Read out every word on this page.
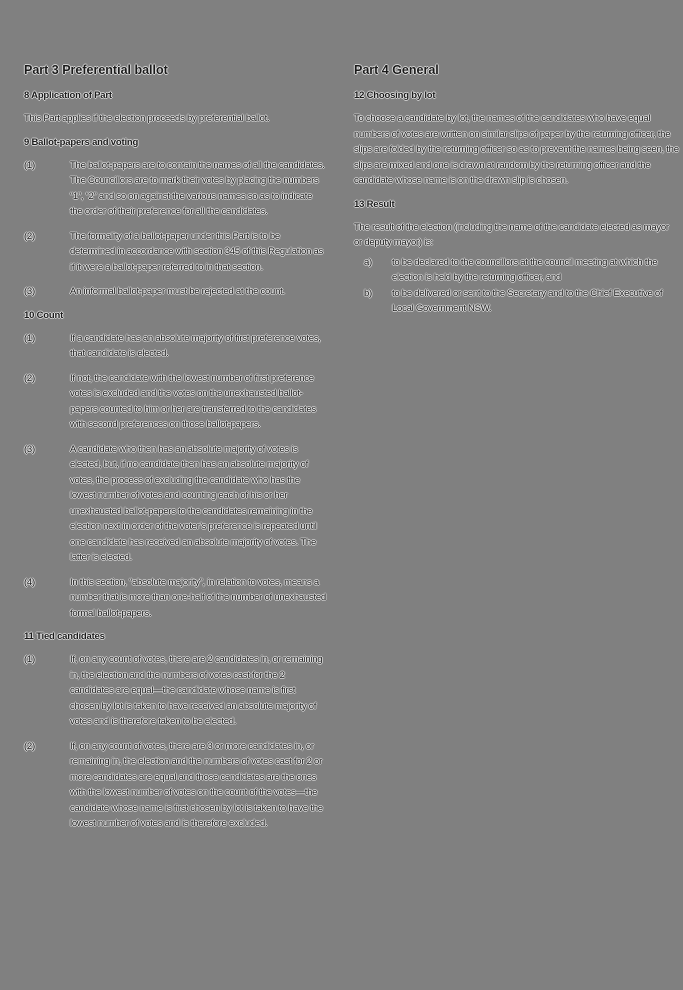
Part 3 Preferential ballot
8 Application of Part
This Part applies if the election proceeds by preferential ballot.
9 Ballot-papers and voting
(1)	The ballot-papers are to contain the names of all the candidates. The Councillors are to mark their votes by placing the numbers “1”, “2” and so on against the various names so as to indicate the order of their preference for all the candidates.
(2)	The formality of a ballot-paper under this Part is to be determined in accordance with section 345 of this Regulation as if it were a ballot-paper referred to in that section.
(3)	An informal ballot-paper must be rejected at the count.
10 Count
(1)	If a candidate has an absolute majority of first preference votes, that candidate is elected.
(2)	If not, the candidate with the lowest number of first preference votes is excluded and the votes on the unexhausted ballot-papers counted to him or her are transferred to the candidates with second preferences on those ballot-papers.
(3)	A candidate who then has an absolute majority of votes is elected, but, if no candidate then has an absolute majority of votes, the process of excluding the candidate who has the lowest number of votes and counting each of his or her unexhausted ballot-papers to the candidates remaining in the election next in order of the voter’s preference is repeated until one candidate has received an absolute majority of votes. The latter is elected.
(4)	In this section, “absolute majority”, in relation to votes, means a number that is more than one-half of the number of unexhausted formal ballot-papers.
11 Tied candidates
(1)	If, on any count of votes, there are 2 candidates in, or remaining in, the election and the numbers of votes cast for the 2 candidates are equal—the candidate whose name is first chosen by lot is taken to have received an absolute majority of votes and is therefore taken to be elected.
(2)	If, on any count of votes, there are 3 or more candidates in, or remaining in, the election and the numbers of votes cast for 2 or more candidates are equal and those candidates are the ones with the lowest number of votes on the count of the votes—the candidate whose name is first chosen by lot is taken to have the lowest number of votes and is therefore excluded.
Part 4 General
12 Choosing by lot
To choose a candidate by lot, the names of the candidates who have equal numbers of votes are written on similar slips of paper by the returning officer, the slips are folded by the returning officer so as to prevent the names being seen, the slips are mixed and one is drawn at random by the returning officer and the candidate whose name is on the drawn slip is chosen.
13 Result
The result of the election (including the name of the candidate elected as mayor or deputy mayor) is:
a)	to be declared to the councillors at the council meeting at which the election is held by the returning officer, and
b)	to be delivered or sent to the Secretary and to the Chief Executive of Local Government NSW.
